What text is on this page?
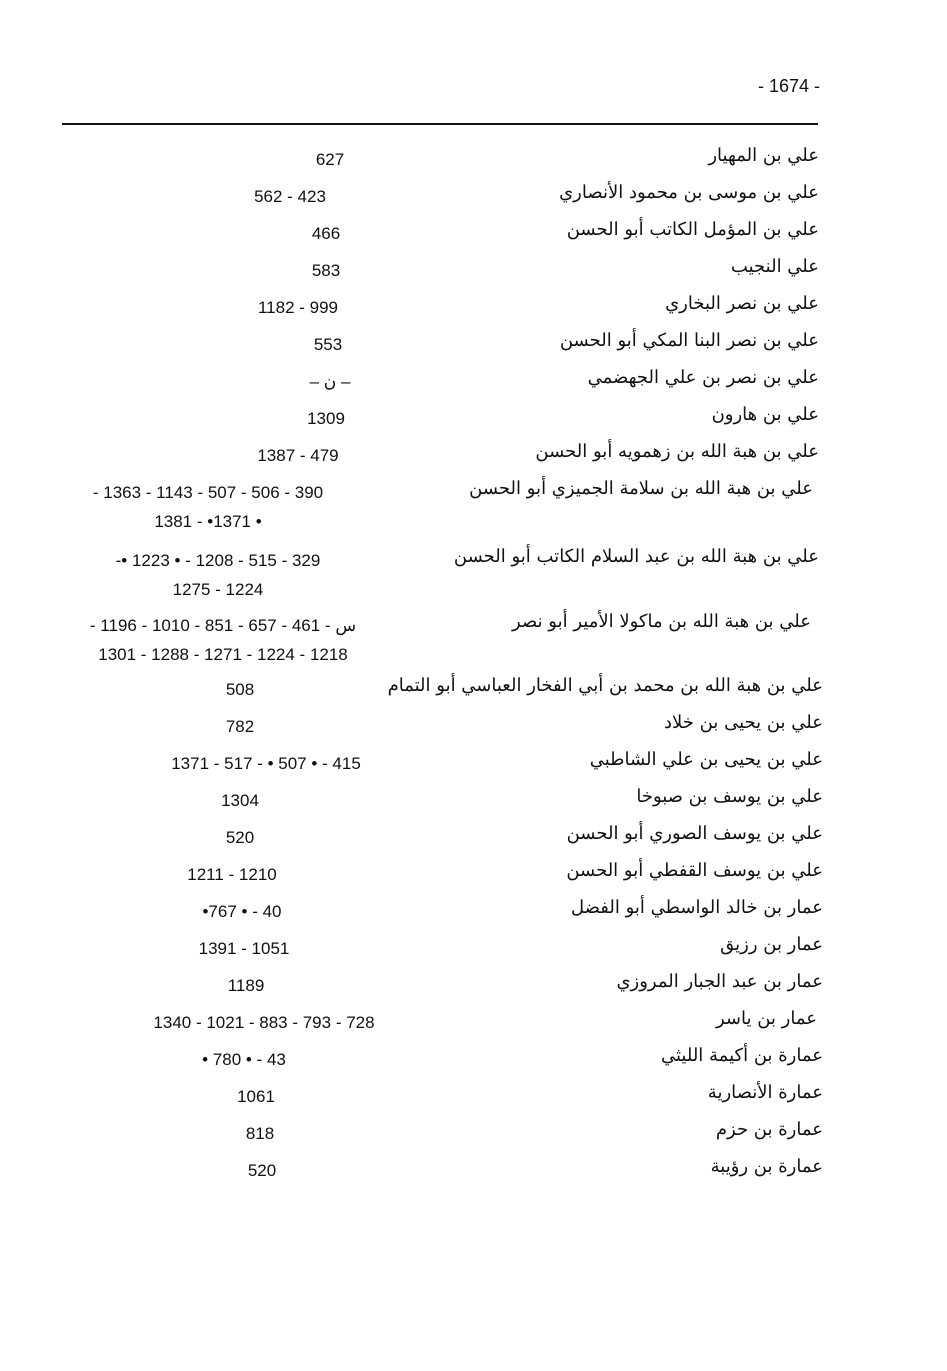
- 1674 -
علي بن المهيار
627
علي بن موسى بن محمود الأنصاري
562 - 423
علي بن المؤمل الكاتب أبو الحسن
466
علي النجيب
583
علي بن نصر البخاري
1182 - 999
علي بن نصر البنا المكي أبو الحسن
553
علي بن نصر بن علي الجهضمي
– ن –
علي بن هارون
1309
علي بن هبة الله بن زهمويه أبو الحسن
1387 - 479
علي بن هبة الله بن سلامة الجميزي أبو الحسن
- 1363 - 1143 - 507 - 506 - 390
1381 - •1371 •
علي بن هبة الله بن عبد السلام الكاتب أبو الحسن
-• 1223 • - 1208 - 515 - 329
1275 - 1224
علي بن هبة الله بن ماكولا الأمير أبو نصر
- 1196 - 1010 - 851 - 657 - 461 - س
1301 - 1288 - 1271 - 1224 - 1218
علي بن هبة الله بن محمد بن أبي الفخار العباسي أبو التمام
508
علي بن يحيى بن خلاد
782
علي بن يحيى بن علي الشاطبي
1371 - 517 - • 507 • - 415
علي بن يوسف بن صبوخا
1304
علي بن يوسف الصوري أبو الحسن
520
علي بن يوسف القفطي أبو الحسن
1211 - 1210
عمار بن خالد الواسطي أبو الفضل
•767 • - 40
عمار بن رزيق
1391 - 1051
عمار بن عبد الجبار المروزي
1189
عمار بن ياسر
1340 - 1021 - 883 - 793 - 728
عمارة بن أكيمة الليثي
• 780 • - 43
عمارة الأنصارية
1061
عمارة بن حزم
818
عمارة بن رؤيبة
520
